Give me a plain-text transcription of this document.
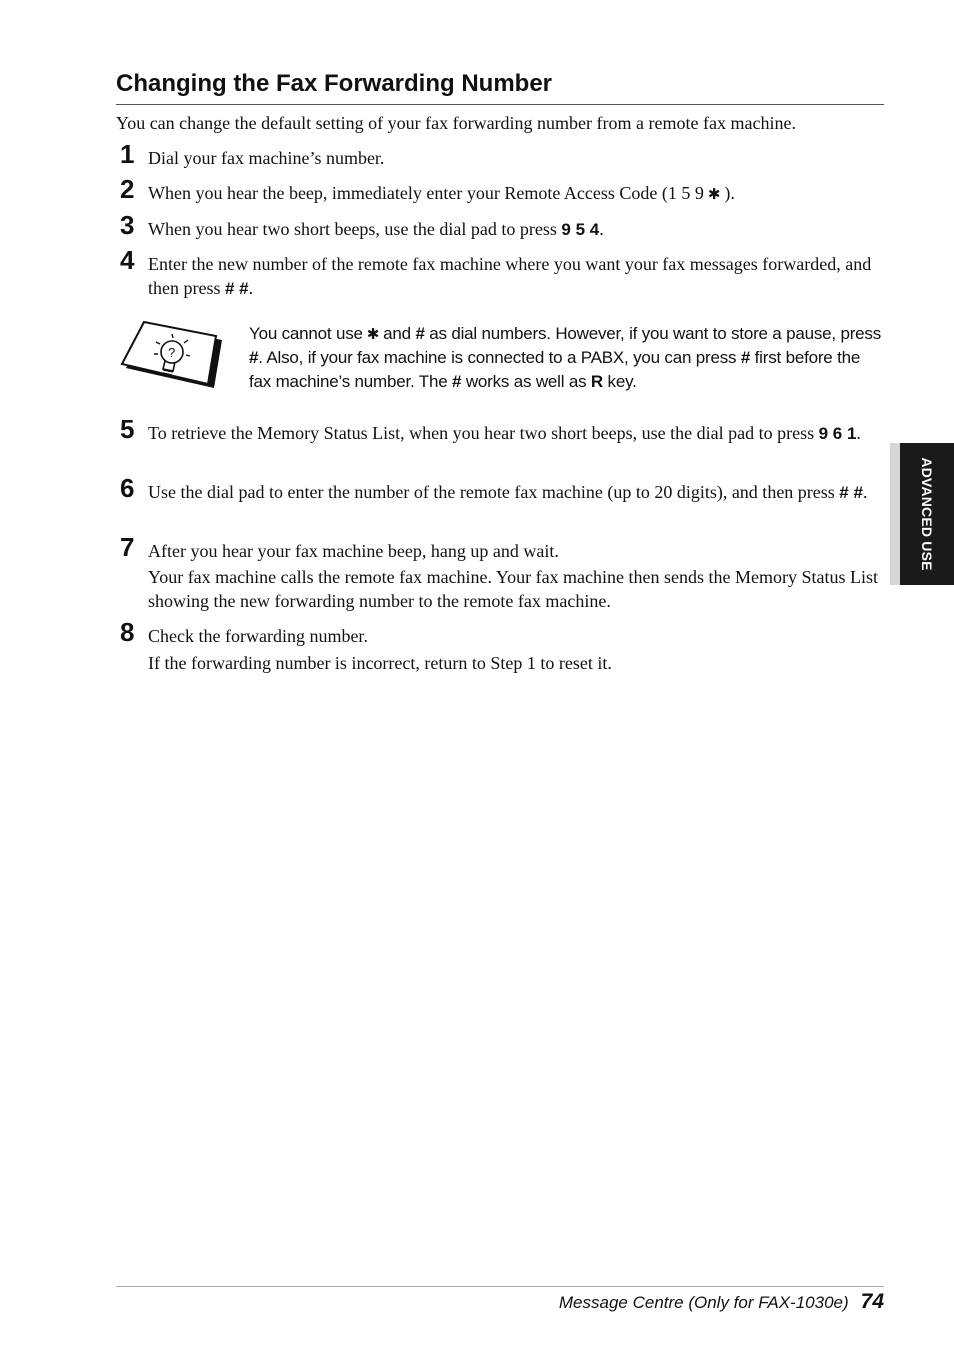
Changing the Fax Forwarding Number

You can change the default setting of your fax forwarding number from a remote fax machine.

1 Dial your fax machine’s number.

2 When you hear the beep, immediately enter your Remote Access Code (1 5 9 ✱ ).

3 When you hear two short beeps, use the dial pad to press 9 5 4.

4 Enter the new number of the remote fax machine where you want your fax messages forwarded, and then press # #.

?
You cannot use ✱ and # as dial numbers. However, if you want to store a pause, press #. Also, if your fax machine is connected to a PABX, you can press # first before the fax machine’s number. The # works as well as R key.
5 To retrieve the Memory Status List, when you hear two short beeps, use the dial pad to press 9 6 1.

6 Use the dial pad to enter the number of the remote fax machine (up to 20 digits), and then press # #.

7 After you hear your fax machine beep, hang up and wait.

Your fax machine calls the remote fax machine. Your fax machine then sends the Memory Status List showing the new forwarding number to the remote fax machine.

8 Check the forwarding number.

If the forwarding number is incorrect, return to Step 1 to reset it.

ADVANCED USE
Message Centre (Only for FAX-1030e) 74
